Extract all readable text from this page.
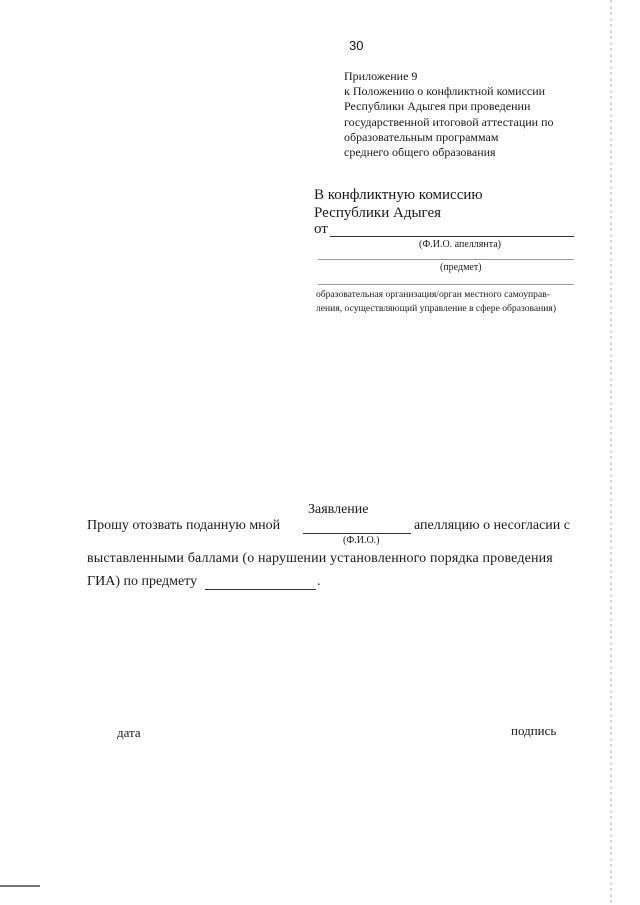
30
Приложение 9
к Положению о конфликтной комиссии
Республики Адыгея при проведении
государственной итоговой аттестации по
образовательным программам
среднего общего образования
В конфликтную комиссию
Республики Адыгея
от
(Ф.И.О. апеллянта)
(предмет)
образовательная организация/орган местного самоуправ-
ления, осуществляющий управление в сфере образования)
Заявление
Прошу отозвать поданную мной	апелляцию о несогласии с
(Ф.И.О.)
выставленными баллами (о нарушении установленного порядка проведения
ГИА) по предмету	.
дата	подпись
